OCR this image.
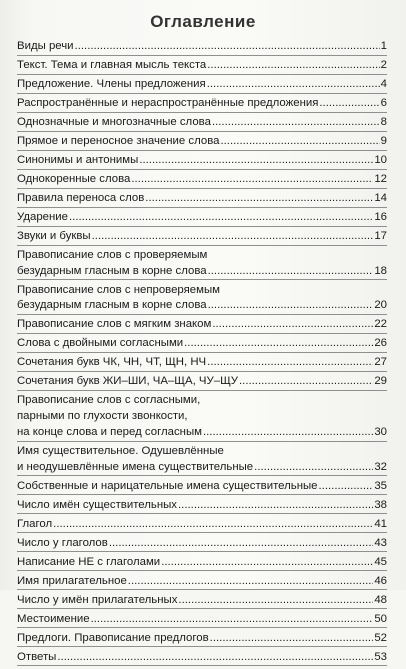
Оглавление
Виды речи .....	1
Текст. Тема и главная мысль текста .....	2
Предложение. Члены предложения .....	4
Распространённые и нераспространённые предложения .....	6
Однозначные и многозначные слова .....	8
Прямое и переносное значение слова .....	9
Синонимы и антонимы .....	10
Однокоренные слова .....	12
Правила переноса слов .....	14
Ударение .....	16
Звуки и буквы .....	17
Правописание слов с проверяемым
безударным гласным в корне слова .....	18
Правописание слов с непроверяемым
безударным гласным в корне слова .....	20
Правописание слов с мягким знаком .....	22
Слова с двойными согласными .....	26
Сочетания букв ЧК, ЧН, ЧТ, ЩН, НЧ .....	27
Сочетания букв ЖИ–ШИ, ЧА–ЩА, ЧУ–ЩУ .....	29
Правописание слов с согласными,
парными по глухости звонкости,
на конце слова и перед согласным .....	30
Имя существительное. Одушевлённые
и неодушевлённые имена существительные .....	32
Собственные и нарицательные имена существительные .....	35
Число имён существительных .....	38
Глагол .....	41
Число у глаголов .....	43
Написание НЕ с глаголами .....	45
Имя прилагательное .....	46
Число у имён прилагательных .....	48
Местоимение .....	50
Предлоги. Правописание предлогов .....	52
Ответы .....	53
